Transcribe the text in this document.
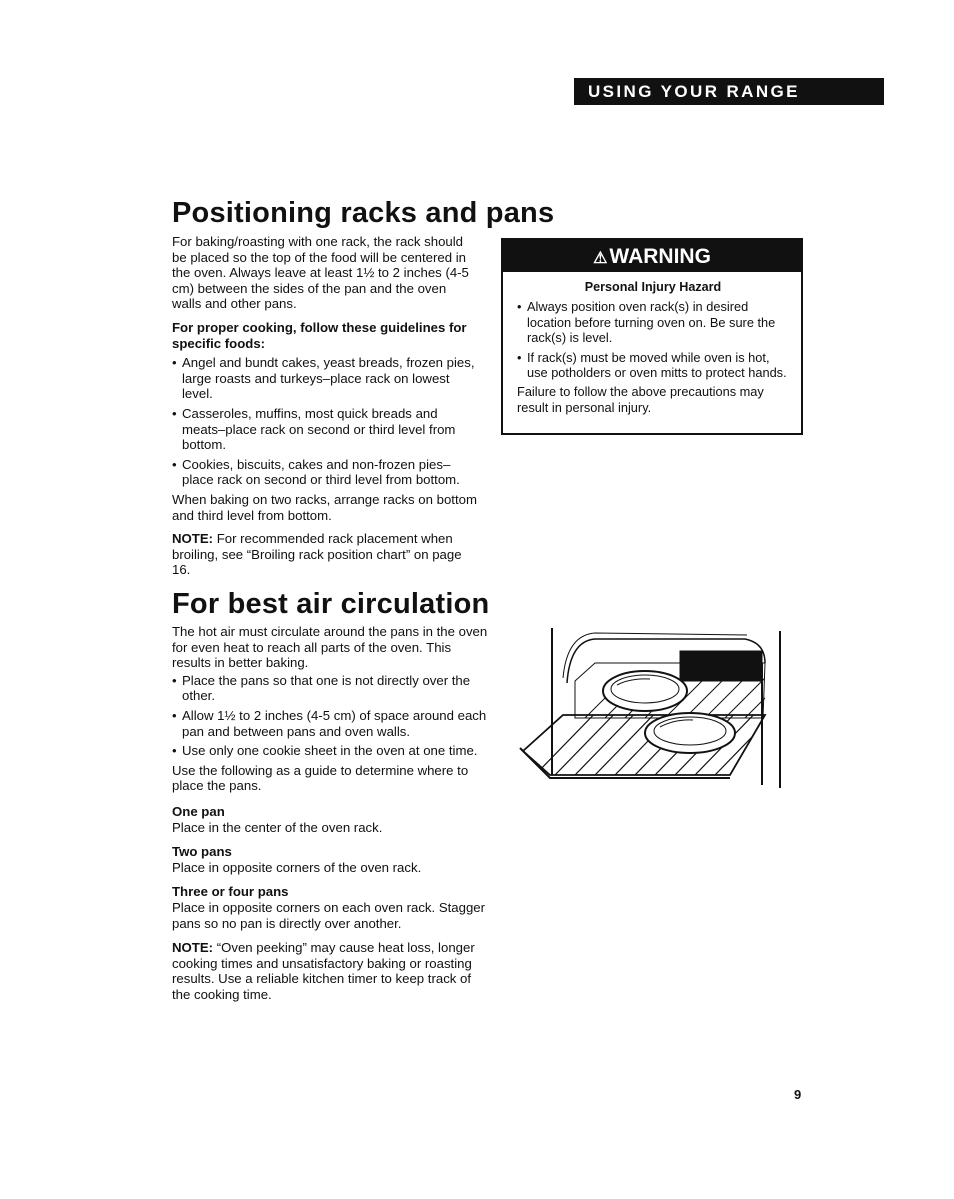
USING YOUR RANGE
Positioning racks and pans

For baking/roasting with one rack, the rack should be placed so the top of the food will be centered in the oven. Always leave at least 1½ to 2 inches (4-5 cm) between the sides of the pan and the oven walls and other pans.

For proper cooking, follow these guidelines for specific foods:

• Angel and bundt cakes, yeast breads, frozen pies, large roasts and turkeys–place rack on lowest level.
• Casseroles, muffins, most quick breads and meats–place rack on second or third level from bottom.
• Cookies, biscuits, cakes and non-frozen pies–place rack on second or third level from bottom.

When baking on two racks, arrange racks on bottom and third level from bottom.

NOTE: For recommended rack placement when broiling, see “Broiling rack position chart” on page 16.

⚠WARNING
Personal Injury Hazard
• Always position oven rack(s) in desired location before turning oven on. Be sure the rack(s) is level.
• If rack(s) must be moved while oven is hot, use potholders or oven mitts to protect hands.

Failure to follow the above precautions may result in personal injury.

For best air circulation

The hot air must circulate around the pans in the oven for even heat to reach all parts of the oven. This results in better baking.

• Place the pans so that one is not directly over the other.
• Allow 1½ to 2 inches (4-5 cm) of space around each pan and between pans and oven walls.
• Use only one cookie sheet in the oven at one time.

Use the following as a guide to determine where to place the pans.

One pan

Place in the center of the oven rack.

Two pans

Place in opposite corners of the oven rack.

Three or four pans

Place in opposite corners on each oven rack. Stagger pans so no pan is directly over another.

NOTE: “Oven peeking” may cause heat loss, longer cooking times and unsatisfactory baking or roasting results. Use a reliable kitchen timer to keep track of the cooking time.

9
